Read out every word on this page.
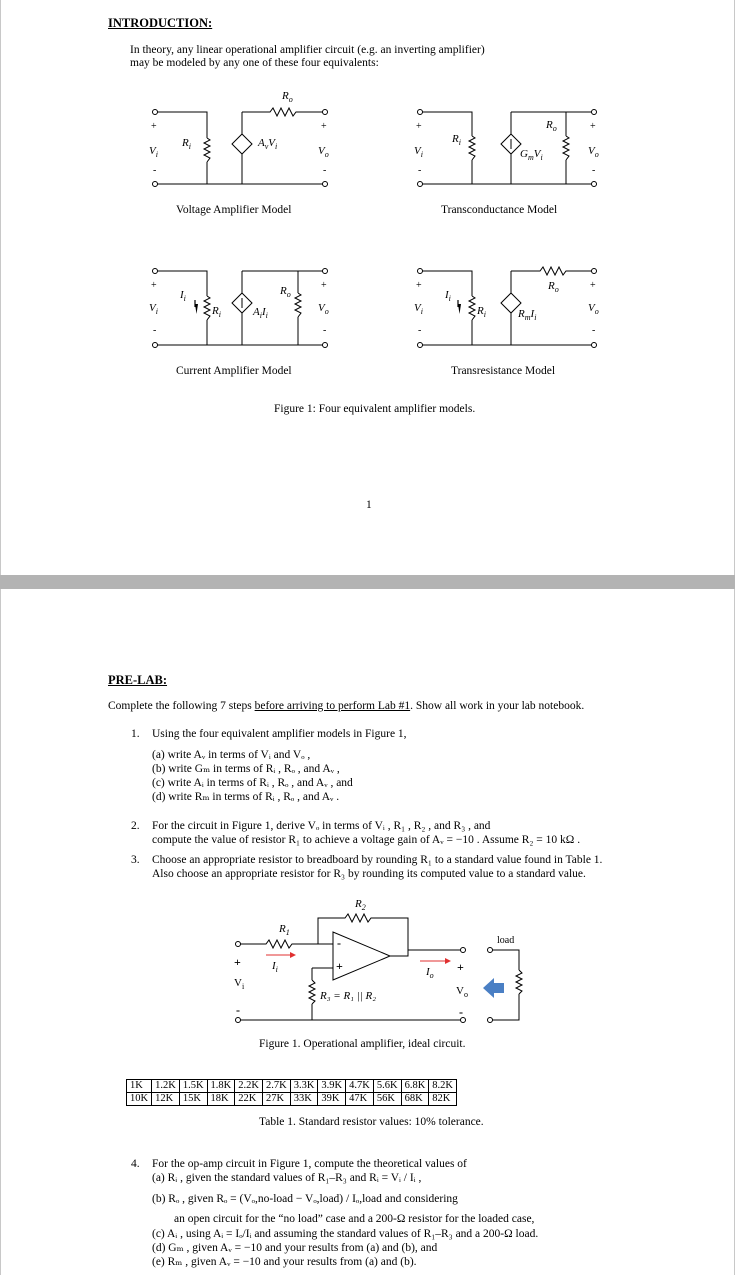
INTRODUCTION:
In theory, any linear operational amplifier circuit (e.g. an inverting amplifier)
may be modeled by any one of these four equivalents:
$R_o$
$R_i$
$V_i$	$V_o$
$A_vV_i$
+
-
+
-
Voltage Amplifier Model
$R_i$
$R_o$
$V_i$	$V_o$
$G_mV_i$
+
-
+
-
Transconductance Model
$I_i$
$R_i$
$R_o$
$V_i$	$V_o$
$A_iI_i$
+
-
+
-
Current Amplifier Model
$I_i$
$R_i$
$R_o$
$V_i$	$V_o$
$R_mI_i$
+
-
+
-
Transresistance Model
Figure 1: Four equivalent amplifier models.
1
PRE-LAB:
Complete the following 7 steps before arriving to perform Lab #1. Show all work in your lab notebook.
1. Using the four equivalent amplifier models in Figure 1,
(a) write Aᵥ in terms of Vᵢ and Vₒ ,
(b) write Gₘ in terms of Rᵢ , Rₒ , and Aᵥ ,
(c) write Aᵢ in terms of Rᵢ , Rₒ , and Aᵥ , and
(d) write Rₘ in terms of Rᵢ , Rₒ , and Aᵥ .
2. For the circuit in Figure 1, derive Vₒ in terms of Vᵢ , R₁ , R₂ , and R₃ , and
compute the value of resistor R₁ to achieve a voltage gain of Aᵥ = −10 . Assume R₂ = 10 kΩ .
3. Choose an appropriate resistor to breadboard by rounding R₁ to a standard value found in Table 1.
Also choose an appropriate resistor for R₃ by rounding its computed value to a standard value.
$R_1$
$R_2$
R₃ = R₁ || R₂
$I_i$	$I_o$
$V_i$	$V_o$
+
-
+
-
-
+
load
Figure 1. Operational amplifier, ideal circuit.
1K	1.2K	1.5K	1.8K	2.2K	2.7K	3.3K	3.9K	4.7K	5.6K	6.8K	8.2K
10K	12K	15K	18K	22K	27K	33K	39K	47K	56K	68K	82K
Table 1. Standard resistor values: 10% tolerance.
4. For the op-amp circuit in Figure 1, compute the theoretical values of
(a) Rᵢ , given the standard values of R₁–R₃ and Rᵢ = Vᵢ / Iᵢ ,
(b) Rₒ , given Rₒ = (Vₒ,no-load − Vₒ,load) / Iₒ,load and considering
an open circuit for the “no load” case and a 200-Ω resistor for the loaded case,
(c) Aᵢ , using Aᵢ = Iₒ/Iᵢ and assuming the standard values of R₁–R₃ and a 200-Ω load.
(d) Gₘ , given Aᵥ = −10 and your results from (a) and (b), and
(e) Rₘ , given Aᵥ = −10 and your results from (a) and (b).
